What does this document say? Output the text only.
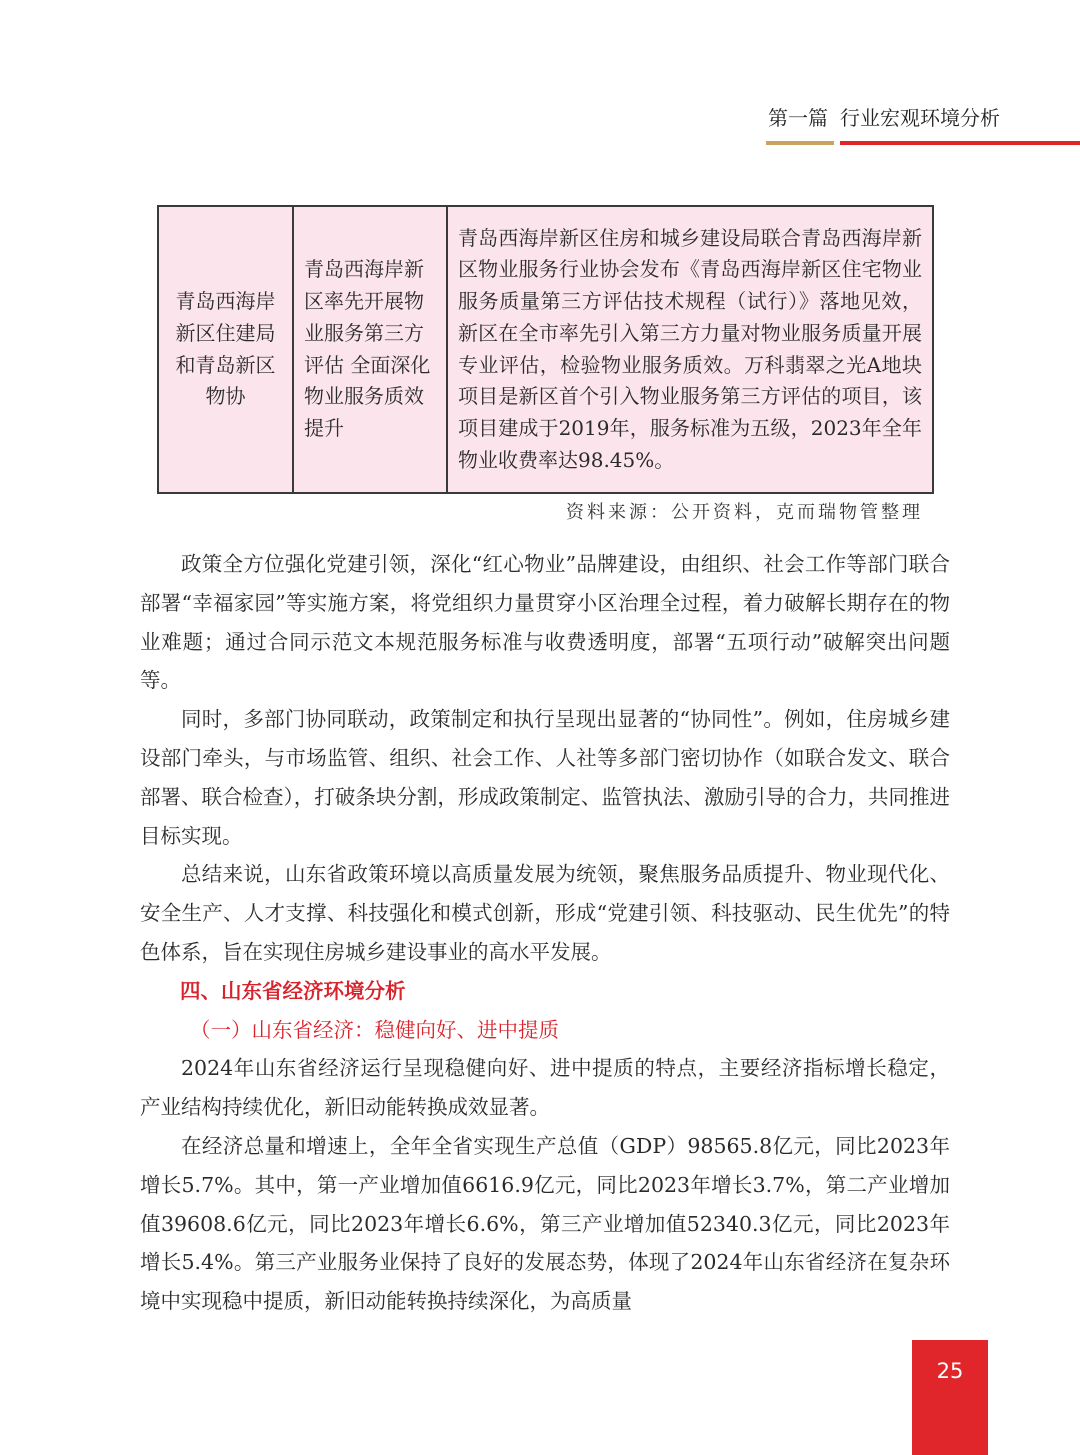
第一篇 行业宏观环境分析
青岛西海岸新区住建局和青岛新区物协	青岛西海岸新区率先开展物业服务第三方评估 全面深化物业服务质效提升	青岛西海岸新区住房和城乡建设局联合青岛西海岸新区物业服务行业协会发布《青岛西海岸新区住宅物业服务质量第三方评估技术规程（试行）》落地见效，新区在全市率先引入第三方力量对物业服务质量开展专业评估，检验物业服务质效。万科翡翠之光A地块项目是新区首个引入物业服务第三方评估的项目，该项目建成于2019年，服务标准为五级，2023年全年物业收费率达98.45%。
资料来源：公开资料，克而瑞物管整理

政策全方位强化党建引领，深化“红心物业”品牌建设，由组织、社会工作等部门联合部署“幸福家园”等实施方案，将党组织力量贯穿小区治理全过程，着力破解长期存在的物业难题；通过合同示范文本规范服务标准与收费透明度，部署“五项行动”破解突出问题等。

同时，多部门协同联动，政策制定和执行呈现出显著的“协同性”。例如，住房城乡建设部门牵头，与市场监管、组织、社会工作、人社等多部门密切协作（如联合发文、联合部署、联合检查），打破条块分割，形成政策制定、监管执法、激励引导的合力，共同推进目标实现。

总结来说，山东省政策环境以高质量发展为统领，聚焦服务品质提升、物业现代化、安全生产、人才支撑、科技强化和模式创新，形成“党建引领、科技驱动、民生优先”的特色体系，旨在实现住房城乡建设事业的高水平发展。

四、山东省经济环境分析
（一）山东省经济：稳健向好、进中提质

2024年山东省经济运行呈现稳健向好、进中提质的特点，主要经济指标增长稳定，产业结构持续优化，新旧动能转换成效显著。

在经济总量和增速上，全年全省实现生产总值（GDP）98565.8亿元，同比2023年增长5.7%。其中，第一产业增加值6616.9亿元，同比2023年增长3.7%，第二产业增加值39608.6亿元，同比2023年增长6.6%，第三产业增加值52340.3亿元，同比2023年增长5.4%。第三产业服务业保持了良好的发展态势，体现了2024年山东省经济在复杂环境中实现稳中提质，新旧动能转换持续深化，为高质量

25
